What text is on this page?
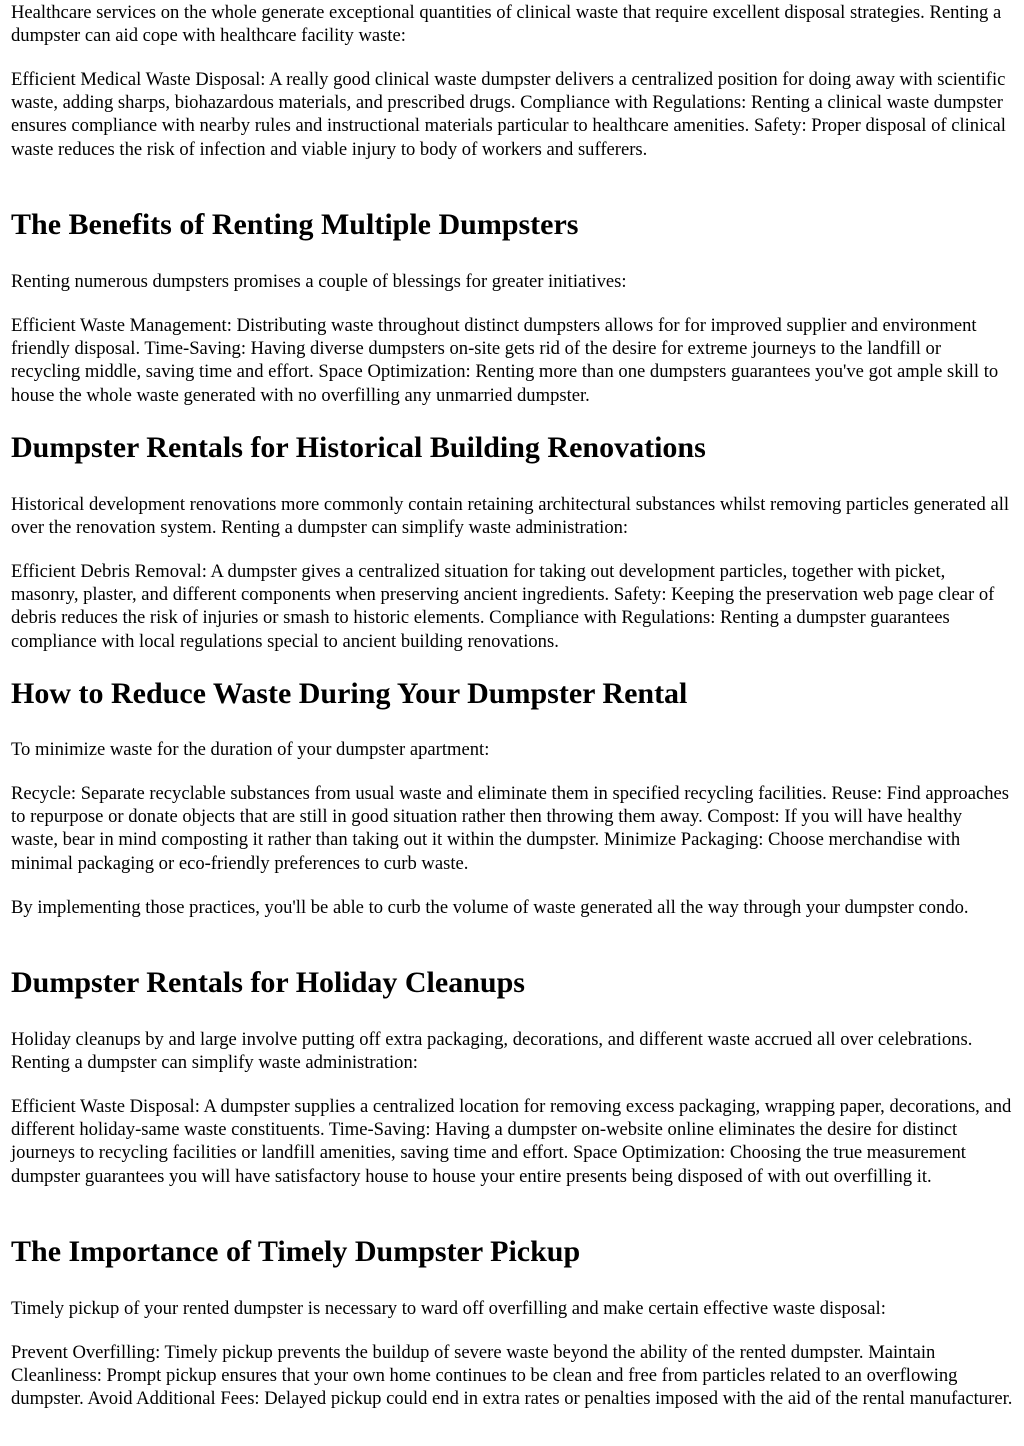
Healthcare services on the whole generate exceptional quantities of clinical waste that require excellent disposal strategies. Renting a dumpster can aid cope with healthcare facility waste:

Efficient Medical Waste Disposal: A really good clinical waste dumpster delivers a centralized position for doing away with scientific waste, adding sharps, biohazardous materials, and prescribed drugs. Compliance with Regulations: Renting a clinical waste dumpster ensures compliance with nearby rules and instructional materials particular to healthcare amenities. Safety: Proper disposal of clinical waste reduces the risk of infection and viable injury to body of workers and sufferers.

The Benefits of Renting Multiple Dumpsters

Renting numerous dumpsters promises a couple of blessings for greater initiatives:

Efficient Waste Management: Distributing waste throughout distinct dumpsters allows for for improved supplier and environment friendly disposal. Time-Saving: Having diverse dumpsters on-site gets rid of the desire for extreme journeys to the landfill or recycling middle, saving time and effort. Space Optimization: Renting more than one dumpsters guarantees you've got ample skill to house the whole waste generated with no overfilling any unmarried dumpster.

Dumpster Rentals for Historical Building Renovations

Historical development renovations more commonly contain retaining architectural substances whilst removing particles generated all over the renovation system. Renting a dumpster can simplify waste administration:

Efficient Debris Removal: A dumpster gives a centralized situation for taking out development particles, together with picket, masonry, plaster, and different components when preserving ancient ingredients. Safety: Keeping the preservation web page clear of debris reduces the risk of injuries or smash to historic elements. Compliance with Regulations: Renting a dumpster guarantees compliance with local regulations special to ancient building renovations.

How to Reduce Waste During Your Dumpster Rental

To minimize waste for the duration of your dumpster apartment:

Recycle: Separate recyclable substances from usual waste and eliminate them in specified recycling facilities. Reuse: Find approaches to repurpose or donate objects that are still in good situation rather then throwing them away. Compost: If you will have healthy waste, bear in mind composting it rather than taking out it within the dumpster. Minimize Packaging: Choose merchandise with minimal packaging or eco-friendly preferences to curb waste.

By implementing those practices, you'll be able to curb the volume of waste generated all the way through your dumpster condo.

Dumpster Rentals for Holiday Cleanups

Holiday cleanups by and large involve putting off extra packaging, decorations, and different waste accrued all over celebrations. Renting a dumpster can simplify waste administration:

Efficient Waste Disposal: A dumpster supplies a centralized location for removing excess packaging, wrapping paper, decorations, and different holiday-same waste constituents. Time-Saving: Having a dumpster on-website online eliminates the desire for distinct journeys to recycling facilities or landfill amenities, saving time and effort. Space Optimization: Choosing the true measurement dumpster guarantees you will have satisfactory house to house your entire presents being disposed of with out overfilling it.

The Importance of Timely Dumpster Pickup

Timely pickup of your rented dumpster is necessary to ward off overfilling and make certain effective waste disposal:

Prevent Overfilling: Timely pickup prevents the buildup of severe waste beyond the ability of the rented dumpster. Maintain Cleanliness: Prompt pickup ensures that your own home continues to be clean and free from particles related to an overflowing dumpster. Avoid Additional Fees: Delayed pickup could end in extra rates or penalties imposed with the aid of the rental manufacturer.
